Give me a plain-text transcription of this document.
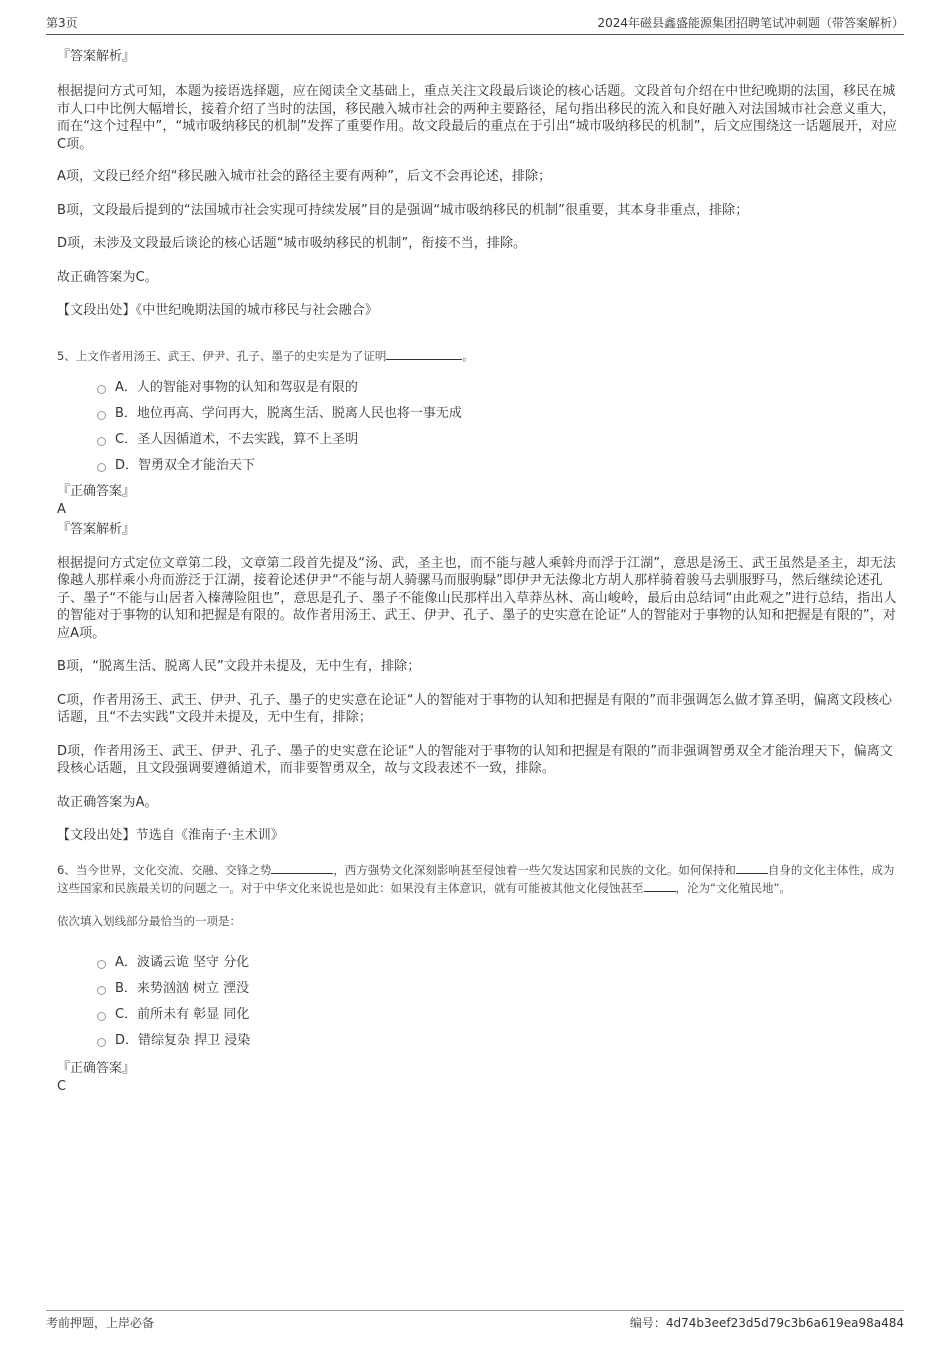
第3页	2024年磁县鑫盛能源集团招聘笔试冲刺题（带答案解析）

『答案解析』

根据提问方式可知，本题为接语选择题，应在阅读全文基础上，重点关注文段最后谈论的核心话题。文段首句介绍在中世纪晚期的法国，移民在城市人口中比例大幅增长，接着介绍了当时的法国，移民融入城市社会的两种主要路径，尾句指出移民的流入和良好融入对法国城市社会意义重大，而在“这个过程中”，“城市吸纳移民的机制”发挥了重要作用。故文段最后的重点在于引出“城市吸纳移民的机制”，后文应围绕这一话题展开，对应C项。

A项，文段已经介绍“移民融入城市社会的路径主要有两种”，后文不会再论述，排除；

B项，文段最后提到的“法国城市社会实现可持续发展”目的是强调“城市吸纳移民的机制”很重要，其本身非重点，排除；

D项，未涉及文段最后谈论的核心话题“城市吸纳移民的机制”，衔接不当，排除。

故正确答案为C。

【文段出处】《中世纪晚期法国的城市移民与社会融合》

5、上文作者用汤王、武王、伊尹、孔子、墨子的史实是为了证明	。

A．人的智能对事物的认知和驾驭是有限的
B．地位再高、学问再大，脱离生活、脱离人民也将一事无成
C．圣人因循道术，不去实践，算不上圣明
D．智勇双全才能治天下

『正确答案』

A

『答案解析』

根据提问方式定位文章第二段，文章第二段首先提及“汤、武，圣主也，而不能与越人乘斡舟而浮于江湖”，意思是汤王、武王虽然是圣主，却无法像越人那样乘小舟而游泛于江湖，接着论述伊尹“不能与胡人骑骡马而服驹騄”即伊尹无法像北方胡人那样骑着骏马去驯服野马，然后继续论述孔子、墨子“不能与山居者入榛薄险阻也”，意思是孔子、墨子不能像山民那样出入草莽丛林、高山峻岭，最后由总结词“由此观之”进行总结，指出人的智能对于事物的认知和把握是有限的。故作者用汤王、武王、伊尹、孔子、墨子的史实意在论证“人的智能对于事物的认知和把握是有限的”，对应A项。

B项，“脱离生活、脱离人民”文段并未提及，无中生有，排除；

C项，作者用汤王、武王、伊尹、孔子、墨子的史实意在论证“人的智能对于事物的认知和把握是有限的”而非强调怎么做才算圣明，偏离文段核心话题，且“不去实践”文段并未提及，无中生有，排除；

D项，作者用汤王、武王、伊尹、孔子、墨子的史实意在论证“人的智能对于事物的认知和把握是有限的”而非强调智勇双全才能治理天下，偏离文段核心话题，且文段强调要遵循道术，而非要智勇双全，故与文段表述不一致，排除。

故正确答案为A。

【文段出处】节选自《淮南子·主术训》

6、当今世界，文化交流、交融、交锋之势	，西方强势文化深刻影响甚至侵蚀着一些欠发达国家和民族的文化。如何保持和	自身的文化主体性，成为这些国家和民族最关切的问题之一。对于中华文化来说也是如此：如果没有主体意识，就有可能被其他文化侵蚀甚至	，沦为“文化殖民地”。

依次填入划线部分最恰当的一项是：

A．波谲云诡 坚守 分化
B．来势汹汹 树立 湮没
C．前所未有 彰显 同化
D．错综复杂 捍卫 浸染

『正确答案』

C

考前押题，上岸必备	编号：4d74b3eef23d5d79c3b6a619ea98a484
